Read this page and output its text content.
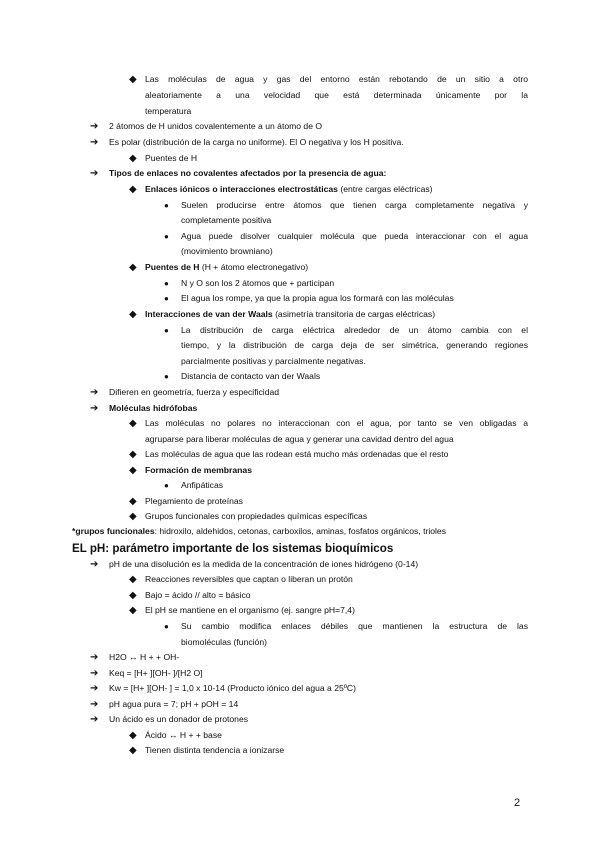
◆ Las moléculas de agua y gas del entorno están rebotando de un sitio a otro
aleatoriamente a una velocidad que está determinada únicamente por la
temperatura
➔ 2 átomos de H unidos covalentemente a un átomo de O
➔ Es polar (distribución de la carga no uniforme). El O negativa y los H positiva.
◆ Puentes de H
➔ Tipos de enlaces no covalentes afectados por la presencia de agua:
◆ Enlaces iónicos o interacciones electrostáticas (entre cargas eléctricas)
● Suelen producirse entre átomos que tienen carga completamente negativa y
completamente positiva
● Agua puede disolver cualquier molécula que pueda interaccionar con el agua
(movimiento browniano)
◆ Puentes de H (H + átomo electronegativo)
● N y O son los 2 átomos que + participan
● El agua los rompe, ya que la propia agua los formará con las moléculas
◆ Interacciones de van der Waals (asimetría transitoria de cargas eléctricas)
● La distribución de carga eléctrica alrededor de un átomo cambia con el
tiempo, y la distribución de carga deja de ser simétrica, generando regiones
parcialmente positivas y parcialmente negativas.
● Distancia de contacto van der Waals
➔ Difieren en geometría, fuerza y especificidad
➔ Moléculas hidrófobas
◆ Las moléculas no polares no interaccionan con el agua, por tanto se ven obligadas a
agruparse para liberar moléculas de agua y generar una cavidad dentro del agua
◆ Las moléculas de agua que las rodean está mucho más ordenadas que el resto
◆ Formación de membranas
● Anfipáticas
◆ Plegamiento de proteínas
◆ Grupos funcionales con propiedades químicas específicas
*grupos funcionales: hidroxilo, aldehidos, cetonas, carboxilos, aminas, fosfatos orgánicos, trioles
EL pH: parámetro importante de los sistemas bioquímicos
➔ pH de una disolución es la medida de la concentración de iones hidrógeno (0-14)
◆ Reacciones reversibles que captan o liberan un protón
◆ Bajo = ácido // alto = básico
◆ El pH se mantiene en el organismo (ej. sangre pH=7,4)
● Su cambio modifica enlaces débiles que mantienen la estructura de las
biomoléculas (función)
➔ H2O ↔ H + + OH-
➔ Keq = [H+ ][OH- ]/[H2 O]
➔ Kw = [H+ ][OH- ] = 1,0 x 10-14 (Producto iónico del agua a 25ºC)
➔ pH agua pura = 7; pH + pOH = 14
➔ Un ácido es un donador de protones
◆ Ácido ↔ H + + base
◆ Tienen distinta tendencia a ionizarse
2
